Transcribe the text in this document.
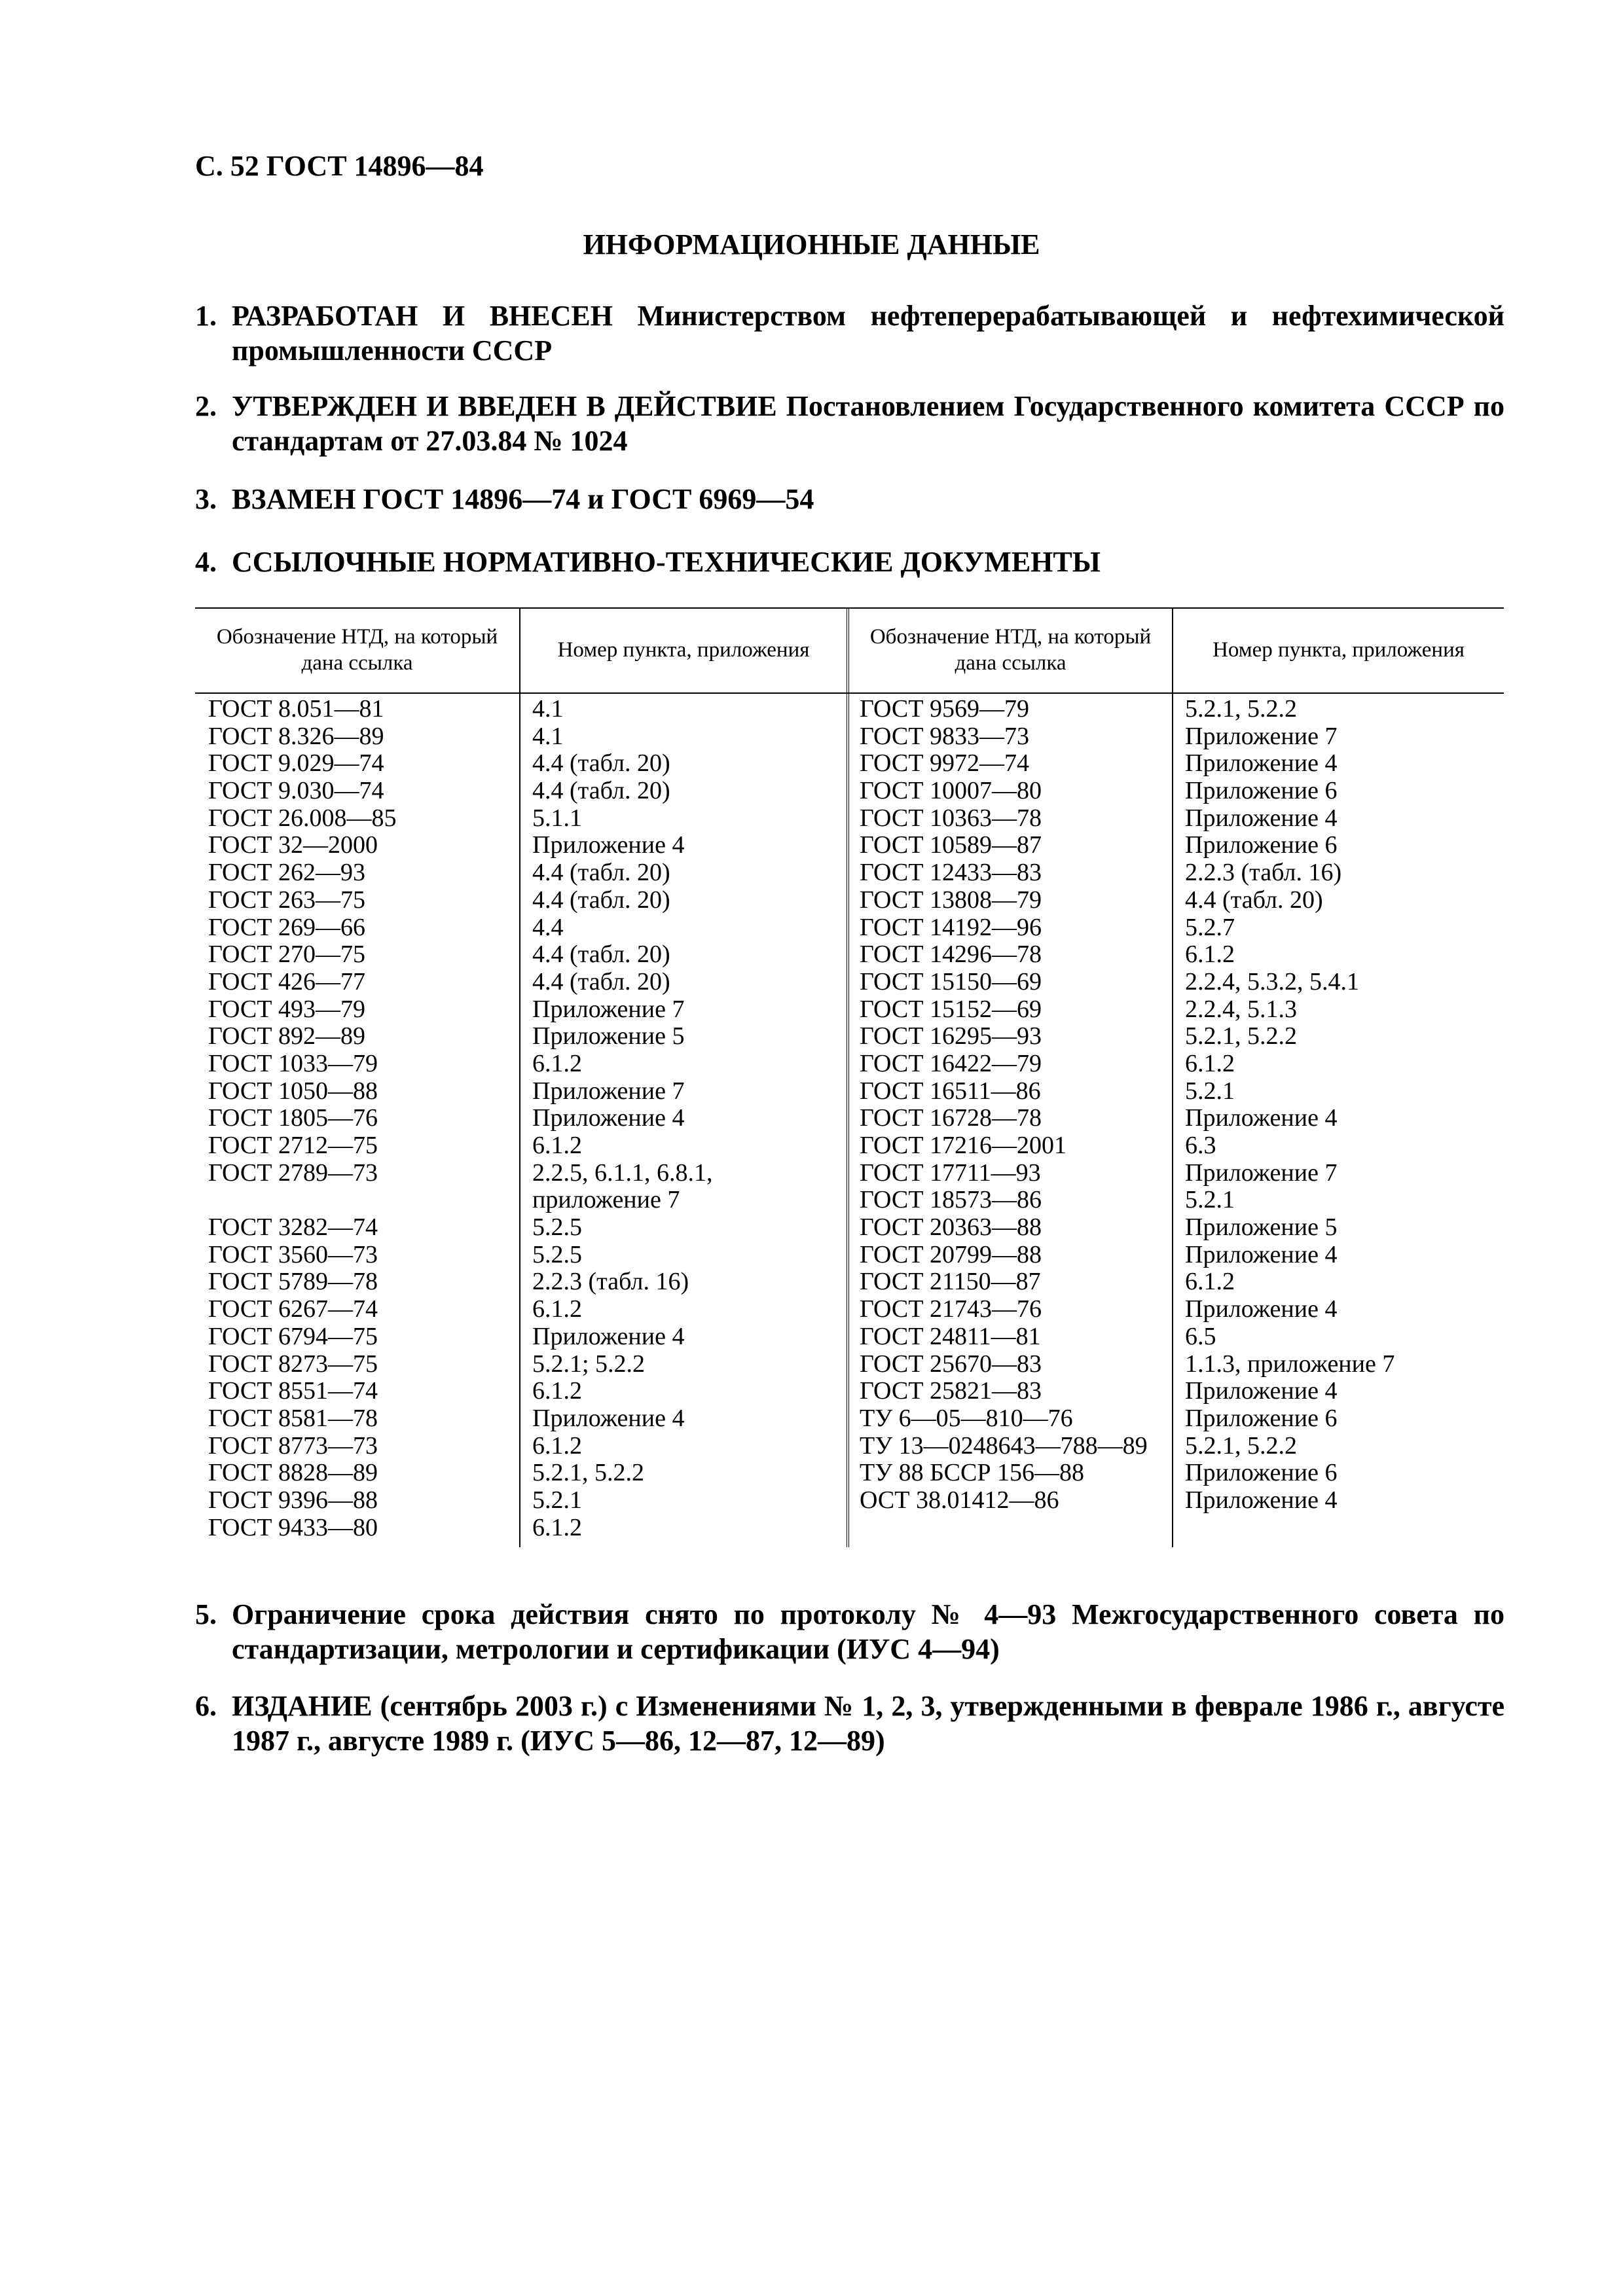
С. 52 ГОСТ 14896—84
ИНФОРМАЦИОННЫЕ ДАННЫЕ
1. РАЗРАБОТАН И ВНЕСЕН Министерством нефтеперерабатывающей и нефтехимической промышленности СССР
2. УТВЕРЖДЕН И ВВЕДЕН В ДЕЙСТВИЕ Постановлением Государственного комитета СССР по стандартам от 27.03.84 № 1024
3. ВЗАМЕН ГОСТ 14896—74 и ГОСТ 6969—54
4. ССЫЛОЧНЫЕ НОРМАТИВНО-ТЕХНИЧЕСКИЕ ДОКУМЕНТЫ
Обозначение НТД, на который дана ссылка
Номер пункта, приложения
Обозначение НТД, на который дана ссылка
Номер пункта, приложения
ГОСТ 8.051—81
ГОСТ 8.326—89
ГОСТ 9.029—74
ГОСТ 9.030—74
ГОСТ 26.008—85
ГОСТ 32—2000
ГОСТ 262—93
ГОСТ 263—75
ГОСТ 269—66
ГОСТ 270—75
ГОСТ 426—77
ГОСТ 493—79
ГОСТ 892—89
ГОСТ 1033—79
ГОСТ 1050—88
ГОСТ 1805—76
ГОСТ 2712—75
ГОСТ 2789—73
ГОСТ 3282—74
ГОСТ 3560—73
ГОСТ 5789—78
ГОСТ 6267—74
ГОСТ 6794—75
ГОСТ 8273—75
ГОСТ 8551—74
ГОСТ 8581—78
ГОСТ 8773—73
ГОСТ 8828—89
ГОСТ 9396—88
ГОСТ 9433—80
4.1
4.1
4.4 (табл. 20)
4.4 (табл. 20)
5.1.1
Приложение 4
4.4 (табл. 20)
4.4 (табл. 20)
4.4
4.4 (табл. 20)
4.4 (табл. 20)
Приложение 7
Приложение 5
6.1.2
Приложение 7
Приложение 4
6.1.2
2.2.5, 6.1.1, 6.8.1, приложение 7
5.2.5
5.2.5
2.2.3 (табл. 16)
6.1.2
Приложение 4
5.2.1; 5.2.2
6.1.2
Приложение 4
6.1.2
5.2.1, 5.2.2
5.2.1
6.1.2
ГОСТ 9569—79
ГОСТ 9833—73
ГОСТ 9972—74
ГОСТ 10007—80
ГОСТ 10363—78
ГОСТ 10589—87
ГОСТ 12433—83
ГОСТ 13808—79
ГОСТ 14192—96
ГОСТ 14296—78
ГОСТ 15150—69
ГОСТ 15152—69
ГОСТ 16295—93
ГОСТ 16422—79
ГОСТ 16511—86
ГОСТ 16728—78
ГОСТ 17216—2001
ГОСТ 17711—93
ГОСТ 18573—86
ГОСТ 20363—88
ГОСТ 20799—88
ГОСТ 21150—87
ГОСТ 21743—76
ГОСТ 24811—81
ГОСТ 25670—83
ГОСТ 25821—83
ТУ 6—05—810—76
ТУ 13—0248643—788—89
ТУ 88 БССР 156—88
ОСТ 38.01412—86
5.2.1, 5.2.2
Приложение 7
Приложение 4
Приложение 6
Приложение 4
Приложение 6
2.2.3 (табл. 16)
4.4 (табл. 20)
5.2.7
6.1.2
2.2.4, 5.3.2, 5.4.1
2.2.4, 5.1.3
5.2.1, 5.2.2
6.1.2
5.2.1
Приложение 4
6.3
Приложение 7
5.2.1
Приложение 5
Приложение 4
6.1.2
Приложение 4
6.5
1.1.3, приложение 7
Приложение 4
Приложение 6
5.2.1, 5.2.2
Приложение 6
Приложение 4
5. Ограничение срока действия снято по протоколу № 4—93 Межгосударственного совета по стандартизации, метрологии и сертификации (ИУС 4—94)
6. ИЗДАНИЕ (сентябрь 2003 г.) с Изменениями № 1, 2, 3, утвержденными в феврале 1986 г., августе 1987 г., августе 1989 г. (ИУС 5—86, 12—87, 12—89)
